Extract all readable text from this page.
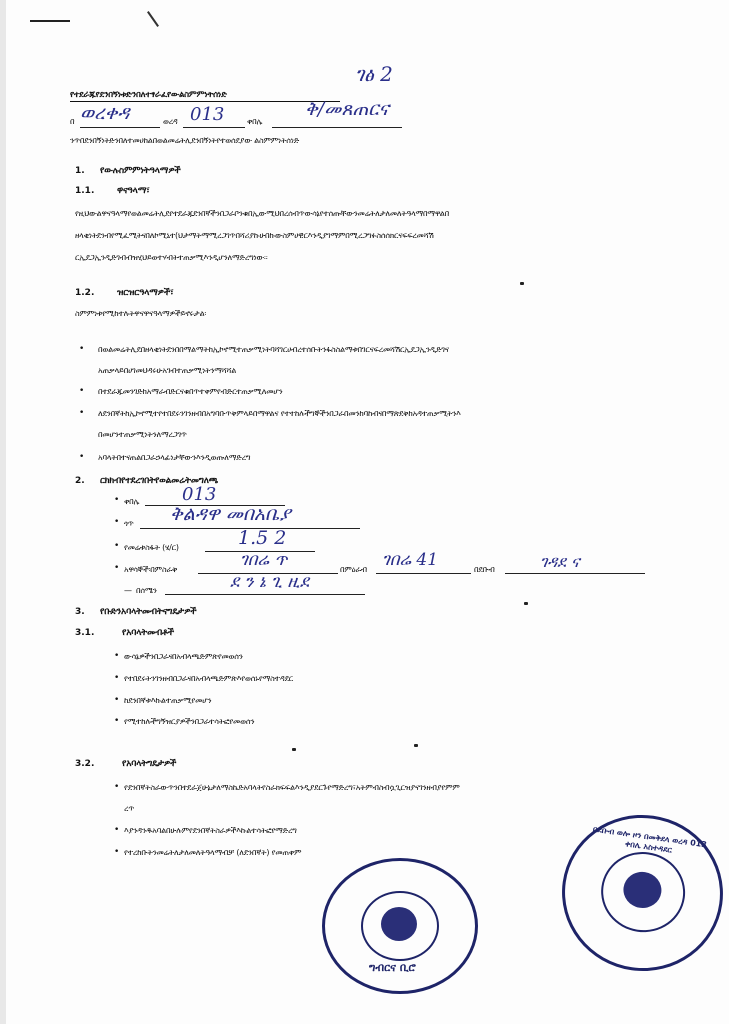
ገፅ 2
የተደራጁየደንበኝነቱድንበለተፃራፈየውልስምምነትሰነድ
በ ወረቀዳ	ወረዳ 013	ቀበሌ
ቅ/መጸጠርና
ንጥበደንበኝነትድንበለተመሀከልበወልመሬትሊደንበኝነትየተወሰደያው ልስምምነትሰነድ
1. የውሉስምምነትዓላማዎች
1.1.	ዋናዓላማ፣
የዚህውልዋናዓላማየወልመሬትሊደየተደራጁደንበኛችንበጋራቦንቁበኢውሚህበረሰብጥውሳኔየተሰጡቸውንመሬትለታለመለትዓላማበማዋልበ
ዘላቂነትደንብየሚፈሚትናበለኮሚኒተ(ህታማትማሚረጋገጥበሻሪያኩሁበኩውስምሀዊርእንዲያገማምበሚረጋግፉስሰሰክርናፍፍረመሻሽ
ርኢደጋኢንዲድገብብዝሂህይወተሃብትተጠቃሚእንዲሆንለማድረግነው።
1.2.	ዝርዝርዓላማዎች፣
ስምምነቱየሚከተሉትዋናዋናዓላማዎችይኖሩታል፡
• በወልመሬትሊደበዘላቂነትደንበበማልማትከኢኮኖሚተጠቃሚነትባሻገርሀብረተሰቡትንፋስስልማቱበገርናፍረመሻሽርኢደጋኢንዲድገና
አጠቃላይበሀገመህዳሩሁአገብተጠቃሚነትንማሻሻል
• በተደራጁመንገድከአማራብድርናቁበጥተቀምየብድርተጠቃሚለመሆን
• ለደንበኛትከኢኮኖሚተየተበደሩንገንዘብበአግባቡጥቅምላይበማዋልና የተተከሉችግኞችንበጋራበመንከባከብናበማጽደቅከአዳተጠቃሚትንእ
በመሆንተጠቃሚነትንለማረጋገጥ
• አባላትበተናጠልበጋራኃላፊነታቸውንእንዲወጡለማድረግ
2. ርክክብየተደረገበትየወልመሬትመግለጫ
• ቀበሌ 013
• ጎጥ ቅልዳዋ መበአቤያ
• የመሬቱስፋት (ሄ/ር)	1.5 2
• አዋሳኞች፡በምስራቅ	ገበሬ ጥ	በምዕራብ ገበሬ 41	በደቡብ	ገዳደ ና
— በሰሜን	ደ ን ኔ ጊ ዚደ
3. የቡድንአባላትመብትናግዴታዎች
3.1.	የአባላትመብቶች
• ውሳኔዎችንበጋራናበአብላጫድምጽየመወሰን
• የተበደሩትንገንዘብበጋራናበአብላጫድምጽእየወሰኑየማስተዳደር
• ከደንበኛቱእኩልተጠቃሚየመሆን
• የሚተከሉችግኝዝርያዎችንበጋራተሳትፎየመወሰን
3.2.	የአባላትግዴታዎች
• የደንበኛትስራውጥንበተደራጀሁኔታለማስኬድአባላትየስራክፍፍልእንዲያደርጉየማድረግ፣አትምብስብሷጊርዝያናገንዘብያየምም
ረጥ
• እያንዳንዱአባልበሁሉምየደንበኛትስራዎችእኩልተሳትፎየማድረግ
• የተረከቡትንመሬትለታለመለትዓላማብቻ (ለደንበኛት) የመጠቀም
ግብርና ቢሮ
በደቡብ ወሎ ዞን በመቅደላ ወረዳ 013 ቀበሌ አስተዳደር
